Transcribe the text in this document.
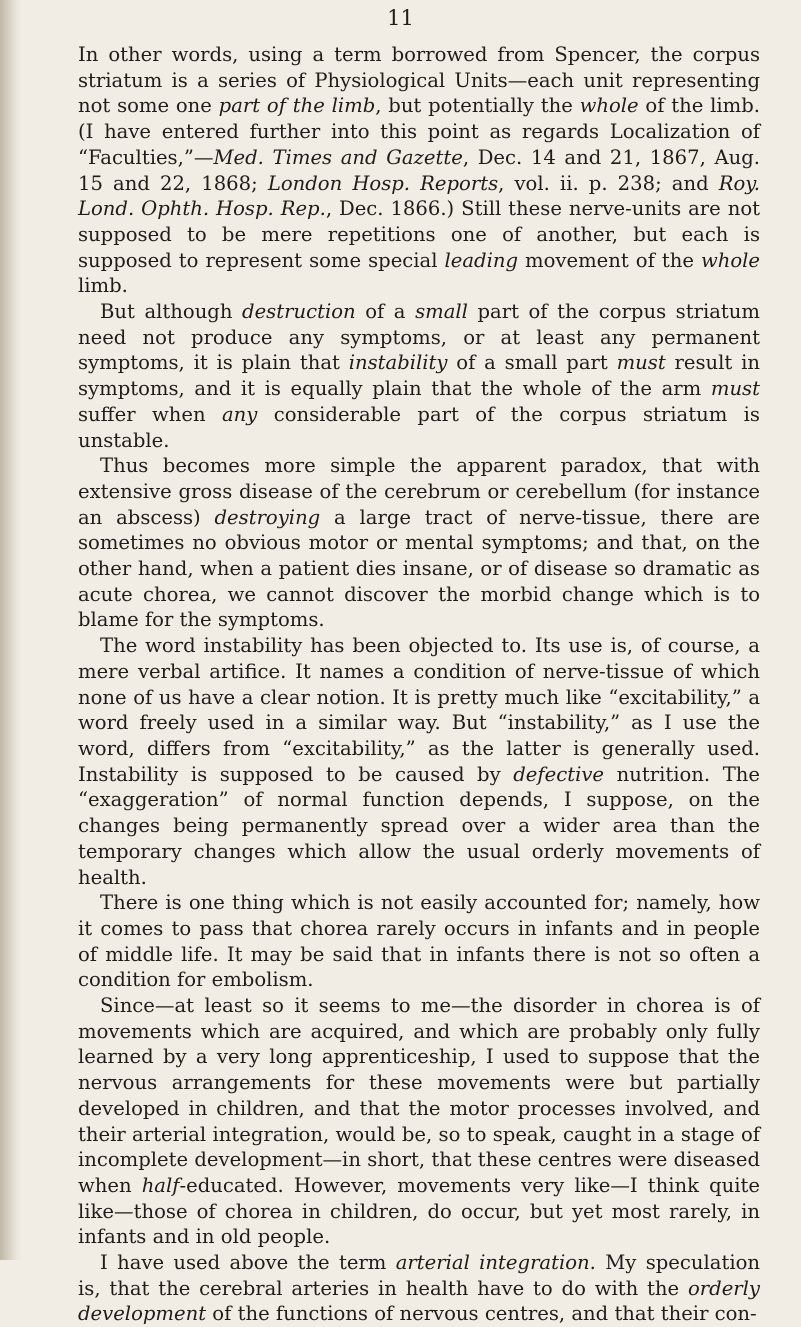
11

In other words, using a term borrowed from Spencer, the corpus striatum is a series of Physiological Units—each unit representing not some one part of the limb, but potentially the whole of the limb. (I have entered further into this point as regards Localization of “Faculties,”—Med. Times and Gazette, Dec. 14 and 21, 1867, Aug. 15 and 22, 1868; London Hosp. Reports, vol. ii. p. 238; and Roy. Lond. Ophth. Hosp. Rep., Dec. 1866.) Still these nerve-units are not supposed to be mere repetitions one of another, but each is supposed to represent some special leading movement of the whole limb.

But although destruction of a small part of the corpus striatum need not produce any symptoms, or at least any permanent symptoms, it is plain that instability of a small part must result in symptoms, and it is equally plain that the whole of the arm must suffer when any considerable part of the corpus striatum is unstable.

Thus becomes more simple the apparent paradox, that with extensive gross disease of the cerebrum or cerebellum (for instance an abscess) destroying a large tract of nerve-tissue, there are sometimes no obvious motor or mental symptoms; and that, on the other hand, when a patient dies insane, or of disease so dramatic as acute chorea, we cannot discover the morbid change which is to blame for the symptoms.

The word instability has been objected to. Its use is, of course, a mere verbal artifice. It names a condition of nerve-tissue of which none of us have a clear notion. It is pretty much like “excitability,” a word freely used in a similar way. But “instability,” as I use the word, differs from “excitability,” as the latter is generally used. Instability is supposed to be caused by defective nutrition. The “exaggeration” of normal function depends, I suppose, on the changes being permanently spread over a wider area than the temporary changes which allow the usual orderly movements of health.

There is one thing which is not easily accounted for; namely, how it comes to pass that chorea rarely occurs in infants and in people of middle life. It may be said that in infants there is not so often a condition for embolism.

Since—at least so it seems to me—the disorder in chorea is of movements which are acquired, and which are probably only fully learned by a very long apprenticeship, I used to suppose that the nervous arrangements for these movements were but partially developed in children, and that the motor processes involved, and their arterial integration, would be, so to speak, caught in a stage of incomplete development—in short, that these centres were diseased when half-educated. However, movements very like—I think quite like—those of chorea in children, do occur, but yet most rarely, in infants and in old people.

I have used above the term arterial integration. My speculation is, that the cerebral arteries in health have to do with the orderly development of the functions of nervous centres, and that their con-
